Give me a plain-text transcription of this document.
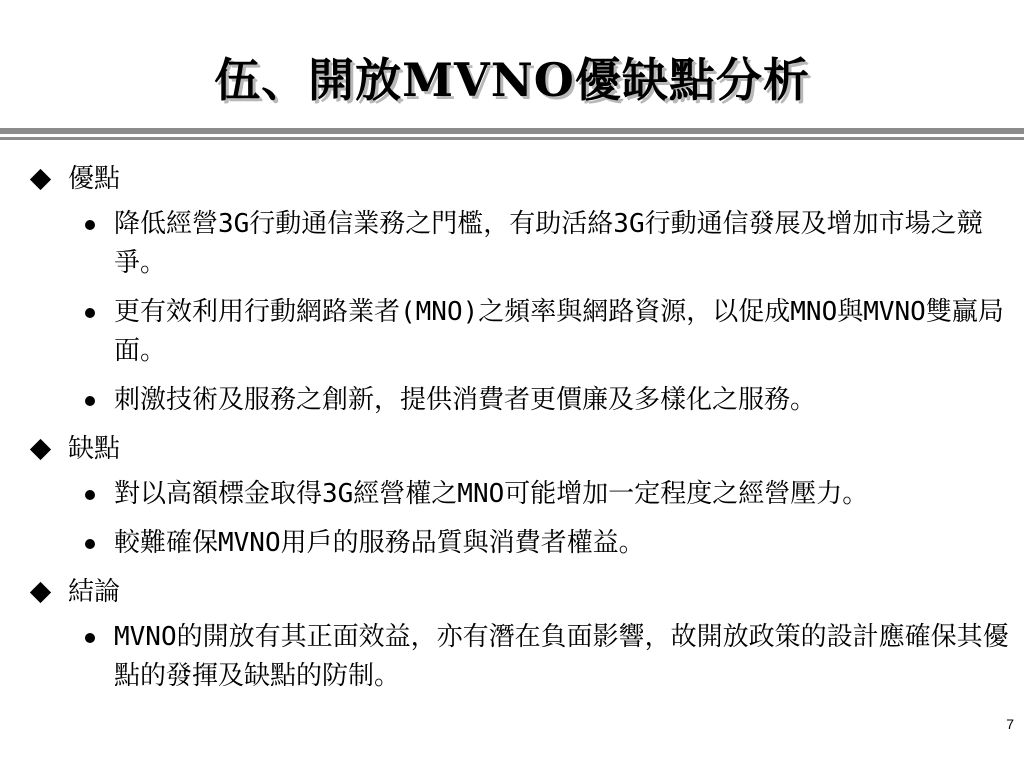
伍、開放MVNO優缺點分析
優點
降低經營3G行動通信業務之門檻，有助活絡3G行動通信發展及增加市場之競爭。
更有效利用行動網路業者(MNO)之頻率與網路資源，以促成MNO與MVNO雙贏局面。
刺激技術及服務之創新，提供消費者更價廉及多樣化之服務。
缺點
對以高額標金取得3G經營權之MNO可能增加一定程度之經營壓力。
較難確保MVNO用戶的服務品質與消費者權益。
結論
MVNO的開放有其正面效益，亦有潛在負面影響，故開放政策的設計應確保其優點的發揮及缺點的防制。
7
